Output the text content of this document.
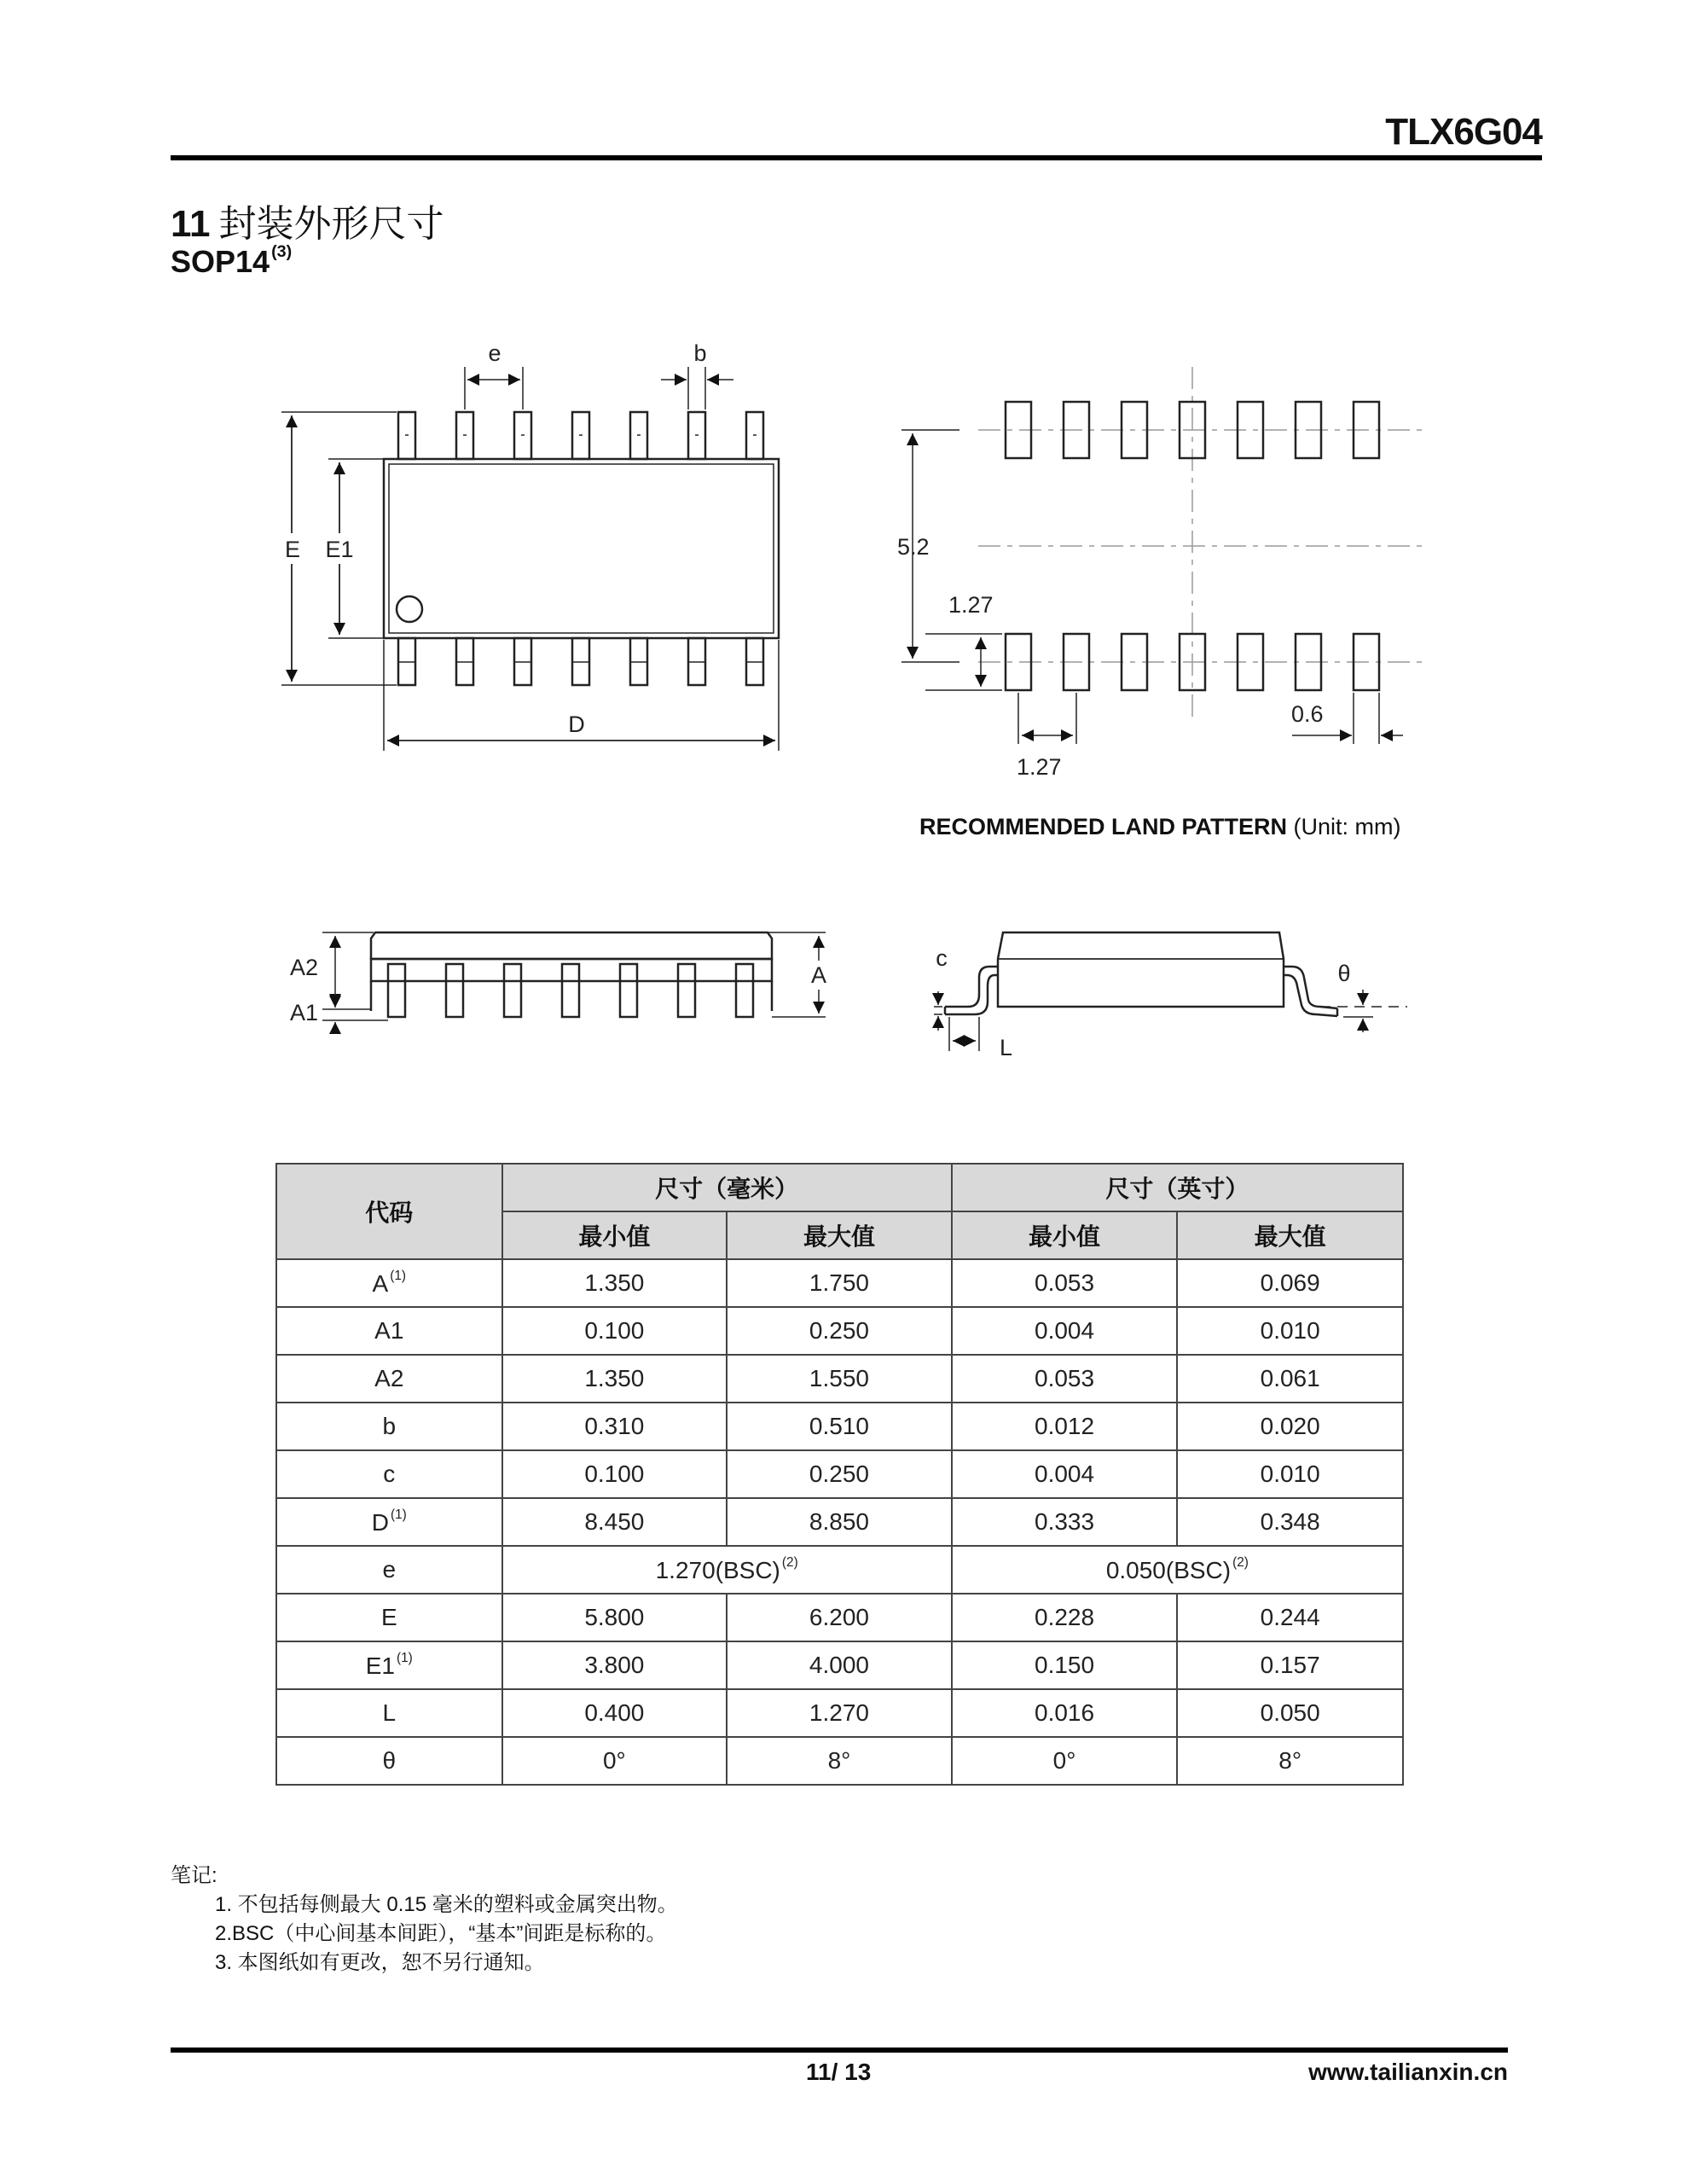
TLX6G04
11 封装外形尺寸
SOP14 $^{(3)}$
e	b
E E1
D
5.2
1.27
1.27
0.6
A2
A1
A
c
L
θ
RECOMMENDED LAND PATTERN (Unit: mm)
代码	尺寸（毫米）		尺寸（英寸）	
	最小值	最大值	最小值	最大值
A $^{(1)}$	1.350	1.750	0.053	0.069
A1	0.100	0.250	0.004	0.010
A2	1.350	1.550	0.053	0.061
b	0.310	0.510	0.012	0.020
c	0.100	0.250	0.004	0.010
D $^{(1)}$	8.450	8.850	0.333	0.348
e	1.270(BSC) $^{(2)}$		0.050(BSC) $^{(2)}$
E	5.800	6.200	0.228	0.244
E1 $^{(1)}$	3.800	4.000	0.150	0.157
L	0.400	1.270	0.016	0.050
θ	0°	8°	0°	8°
笔记:
1. 不包括每侧最大 0.15 毫米的塑料或金属突出物。
2.BSC（中心间基本间距），“基本”间距是标称的。
3. 本图纸如有更改，恕不另行通知。
11/ 13	www.tailianxin.cn
